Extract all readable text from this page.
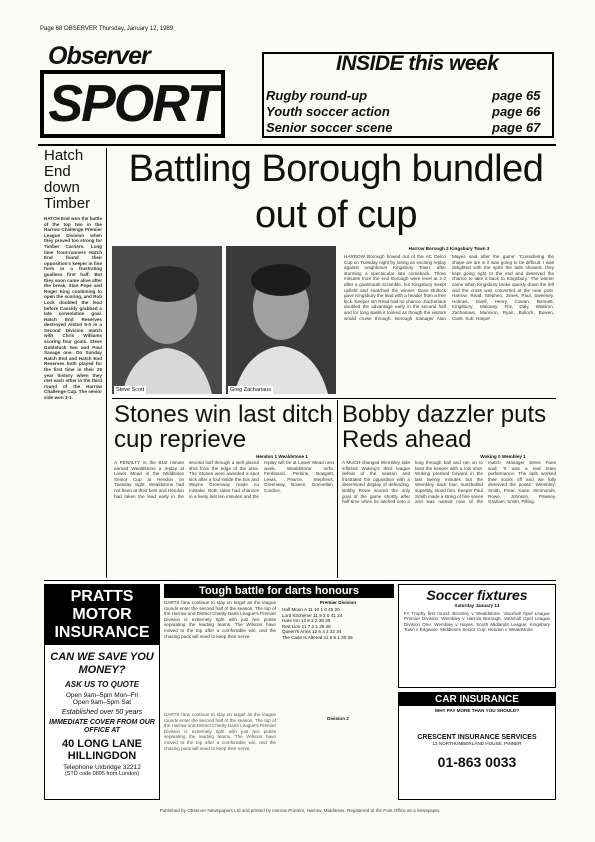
Page 68 OBSERVER Thursday, January 12, 1989
Observer
SPORT
INSIDE this week
Rugby round-up	page 65
Youth soccer action	page 66
Senior soccer scene	page 67
Hatch End down Timber
HATCH End won the battle of the top two in the Harrow Challenge Premier League Division when they proved too strong for Timber Carriers. Long time front-runners Hatch End found their opposition's keeper in fine form in a frustrating goalless first half. But they soon came alive after the break, Stan Pope and Roger King combining to open the scoring, and Rob Lock doubled the lead before Cassidy grabbed a late consolation goal. Hatch End Reserves destroyed Alston 6-0 in a Second Division match with Chris Williams scoring four goals. Steve Goldstuck two and Paul Savage one. On Sunday Hatch End and Hatch End Reserves both played for the first time in their 25 year history when they met each other in the third round of the Harrow Challenge Cup. The senior side won 3-1.
Battling Borough bundled out of cup
Steve Scott	Greg Zachariaus
Harrow Borough 2 Kingsbury Town 3
HARROW Borough bowed out of the AC Delco Cup on Tuesday night by losing an exciting replay against neighbours Kingsbury Town, after storming a spectacular late comeback. Three minutes from the end Borough were level at 2-2 after a goalmouth scramble, but Kingsbury swept upfield and snatched the winner. Dave Bullock gave Kingsbury the lead with a header from a free kick. Keeper Ian Read had no chance. Zachariaus doubled the advantage early in the second half and for long spells it looked as though the visitors would cruise through. Borough manager Alan Mayes said after the game: 'Considering the shape we are in it was going to be difficult. I was delighted with the spirit the lads showed, they kept going right to the end and deserved the chance to take it back to Kingsbury.' The winner came when Kingsbury broke quickly down the left and the cross was converted at the near post. Harrow: Read, Stephen, Jones, Paul, Sweeney, Holmes, Sivell, Henry, Cowan, Bennett. Kingsbury: Maloney, Fitz, Daly, Waldron, Zachariaus, Mannion, Ryan, Bullock, Bowen, Clark. Sub: Harper.
Stones win last ditch cup reprieve
Hendon 1 Wealdstone 1
A PENALTY in the 81st minute earned Wealdstone a replay at Lower Mead in the Middlesex Senior Cup at Hendon on Tuesday night. Wealdstone had not been at their best and Hendon had taken the lead early in the second half through a well placed shot from the edge of the area. The Stones were awarded a spot kick after a foul inside the box and Wayne Greenway made no mistake. Both sides had chances in a lively last ten minutes and the replay will be at Lower Mead next week. Wealdstone: Iorfa, Ferdinand, Perkins, Bowgett, Lewis, Pearce, Stephens, Greenway, Bowen, Donnellan, Cordice.
Bobby dazzler puts Reds ahead
Woking 0 Wembley 1
A MUCH-changed Wembley side inflicted Woking's third league defeat of the season and frustrated the opposition with a determined display of defending. Bobby Rowe scored the only goal of the game shortly after half-time when he latched onto a long through ball and ran on to beat the keeper with a low shot. Woking pressed forward in the last twenty minutes but the Wembley back four, marshalled superbly, stood firm. Keeper Paul Smith made a string of fine saves and was named man of the match. Manager Steve Fane said: 'It was a real team performance. The lads worked their socks off and we fully deserved the points.' Wembley: Smith, Frear, Kane, Simmonds, Rowe, Johnson, Pawsey, Graham, Smith, Pilling.
PRATTS
MOTOR
INSURANCE
CAN WE SAVE YOU MONEY?
ASK US TO QUOTE
Open 9am–5pm Mon–Fri
Open 9am–5pm Sat
Established over 50 years
IMMEDIATE COVER FROM OUR OFFICE AT
40 LONG LANE
HILLINGDON
Telephone Uxbridge 32212
(STD code 0895 from London)
Tough battle for darts honours
DARTS fans continue to stay on target as the league rounds enter the second half of the season. The top of the Harrow and District Charity Darts League's Premier Division is extremely tight with just two points separating the leading teams. The Wilsons have moved to the top after a comfortable win, and the chasing pack will need to keep their nerve.
Premier Division
Half Moon A 11 10 1 0 45 20
Lord Kitchener 11 9 2 0 41 24
Hare Inn 12 8 2 2 38 30
Red Lion 11 7 3 1 35 28
Queen's Arms 12 6 4 2 32 34
The Case Is Altered 11 5 5 1 30 36
Division 2
DARTS fans continue to stay on target as the league rounds enter the second half of the season. The top of the Harrow and District Charity Darts League's Premier Division is extremely tight with just two points separating the leading teams. The Wilsons have moved to the top after a comfortable win, and the chasing pack will need to keep their nerve.
Soccer fixtures
Saturday January 14
FA Trophy first round: Bromley v Wealdstone. Vauxhall Opel League Premier Division: Wembley v Harrow Borough. Vauxhall Opel League Division One: Wembley v Hayes. South Midlands League: Kingsbury Town v Edgware. Middlesex Senior Cup: Hendon v Wealdstone.
CAR INSURANCE
WHY PAY MORE THAN YOU SHOULD?
CRESCENT INSURANCE SERVICES
12 NORTHUMBERLAND HOUSE, PINNER
01-863 0033
Published by Observer Newspapers Ltd and printed by Harrow Printers, Harrow, Middlesex. Registered at the Post Office as a newspaper.
